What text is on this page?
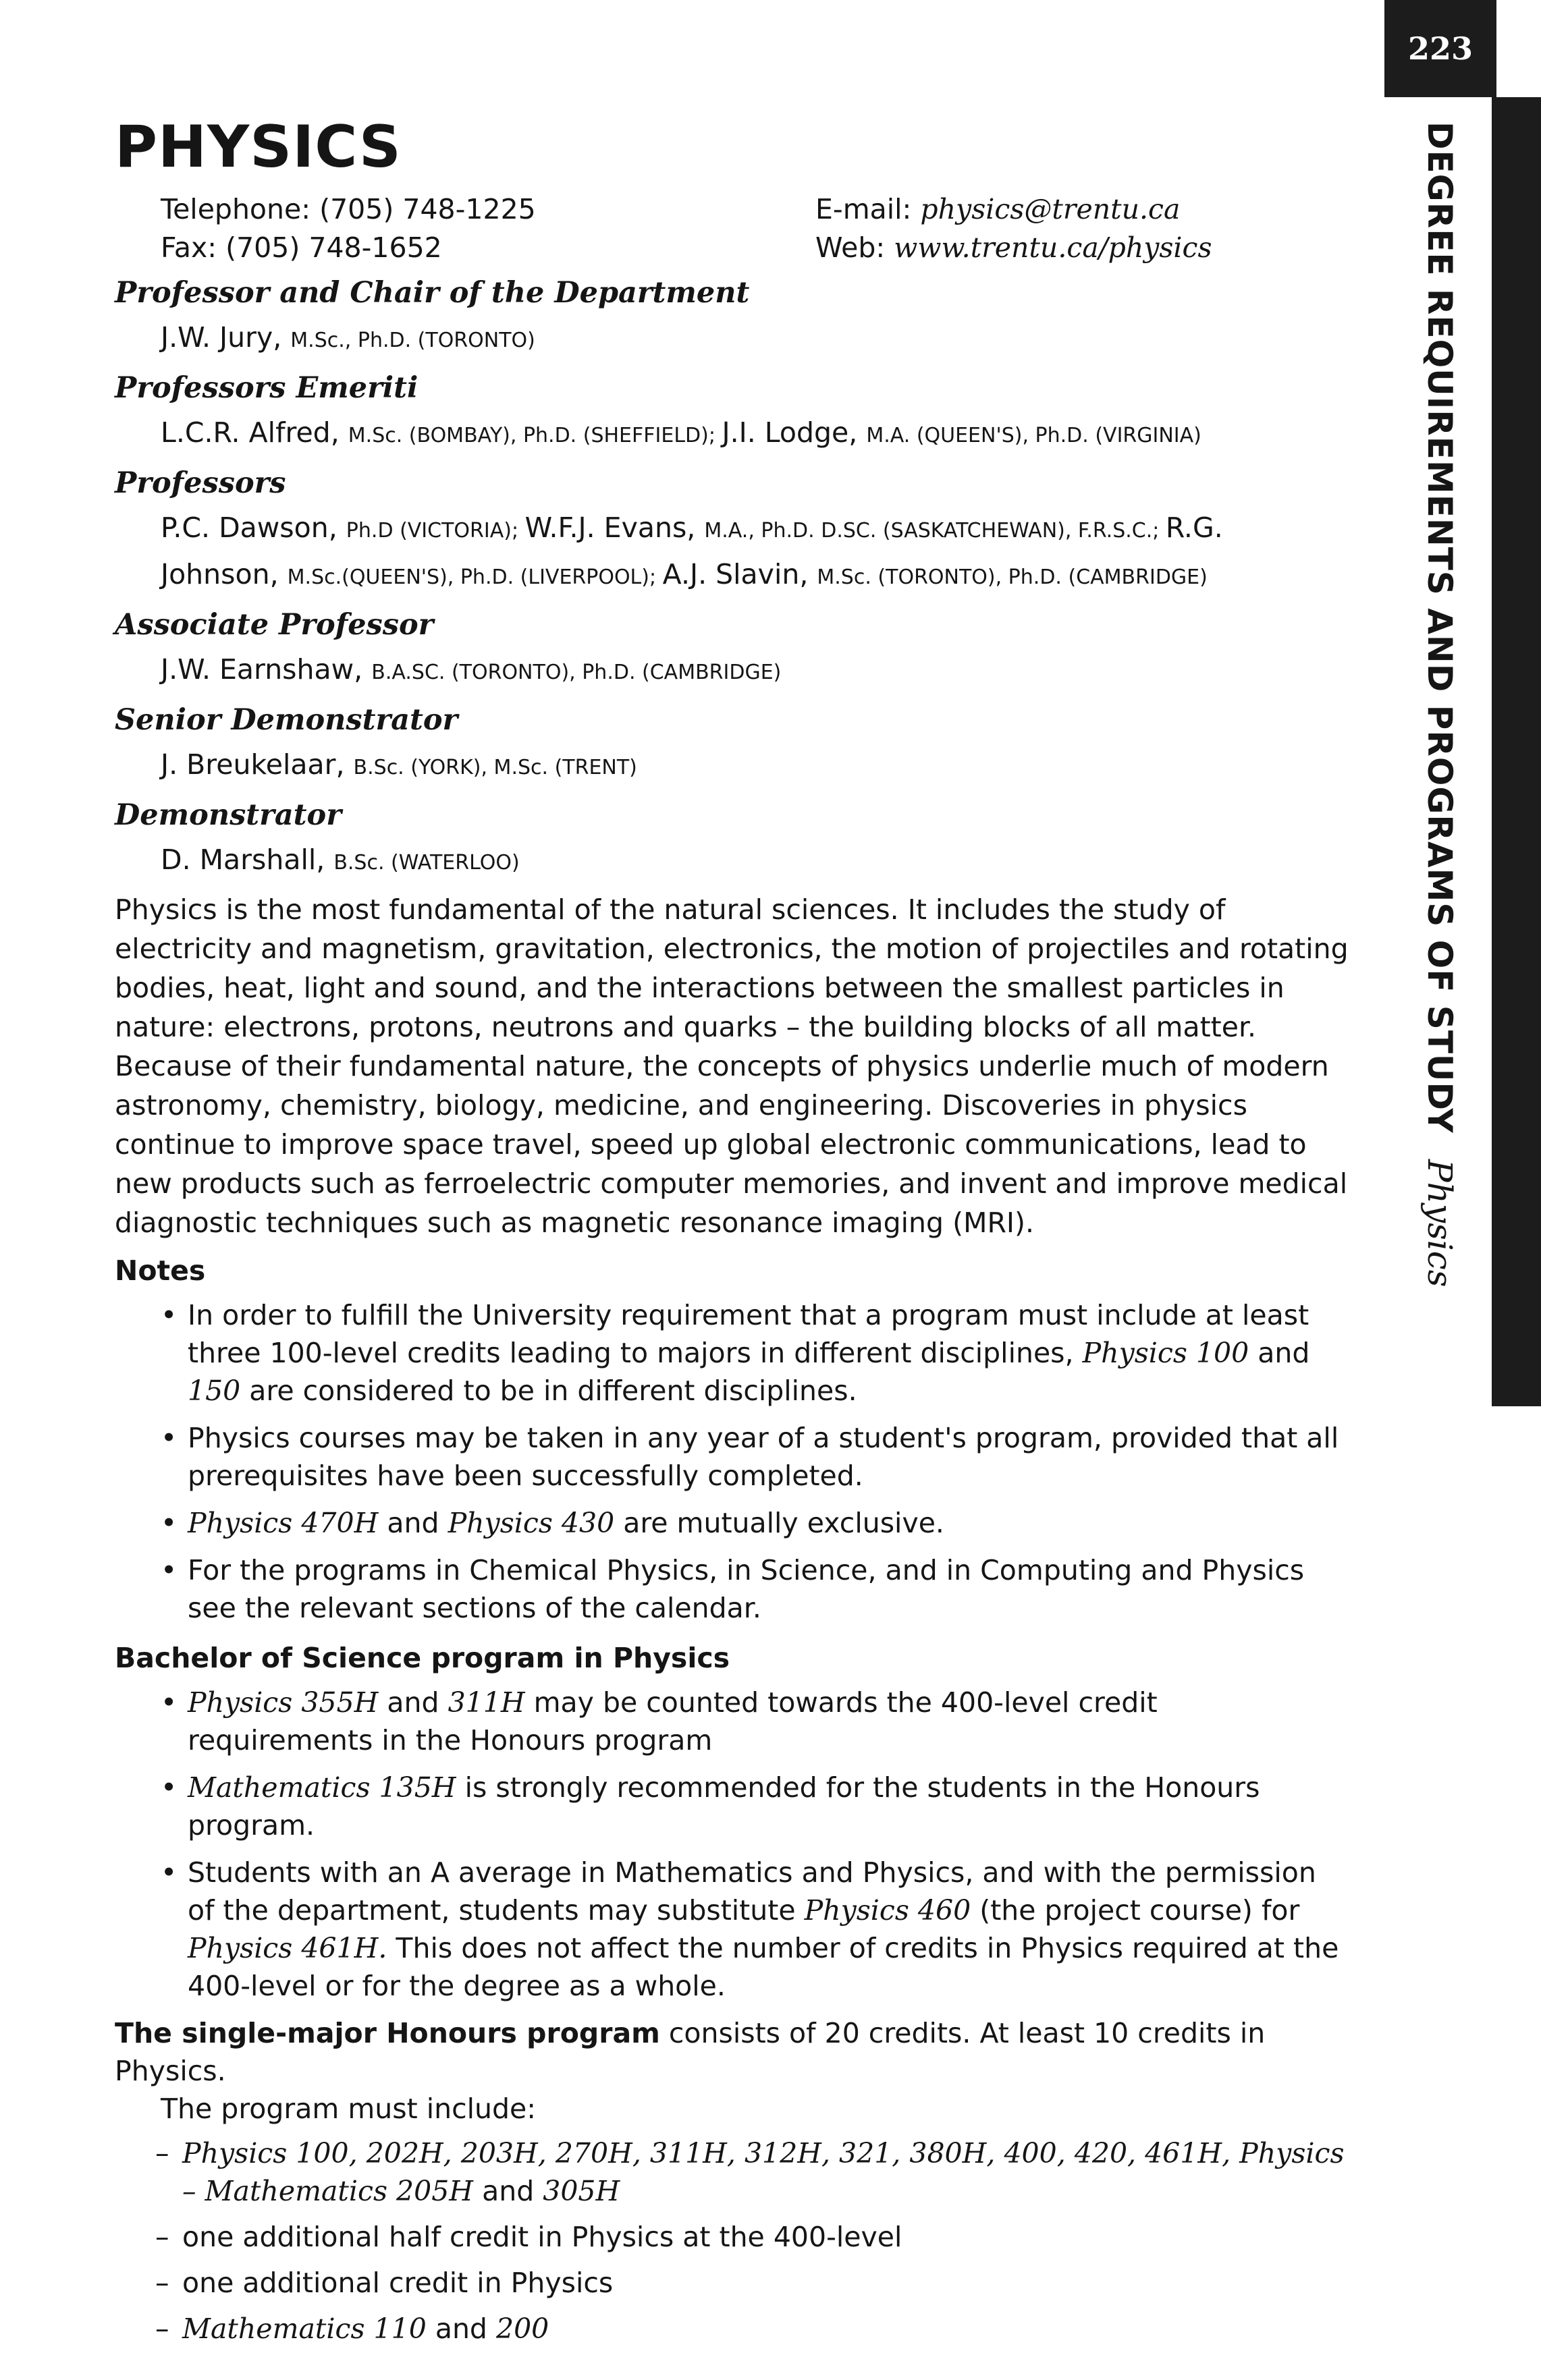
223
DEGREE REQUIREMENTS AND PROGRAMS OF STUDY
Physics
PHYSICS
Telephone: (705) 748-1225	E-mail: physics@trentu.ca
Fax: (705) 748-1652	Web: www.trentu.ca/physics
Professor and Chair of the Department
J.W. Jury, M.Sc., Ph.D. (TORONTO)
Professors Emeriti
L.C.R. Alfred, M.Sc. (BOMBAY), Ph.D. (SHEFFIELD); J.I. Lodge, M.A. (QUEEN'S), Ph.D. (VIRGINIA)
Professors
P.C. Dawson, Ph.D (VICTORIA); W.F.J. Evans, M.A., Ph.D. D.SC. (SASKATCHEWAN), F.R.S.C.; R.G.
Johnson, M.Sc.(QUEEN'S), Ph.D. (LIVERPOOL); A.J. Slavin, M.Sc. (TORONTO), Ph.D. (CAMBRIDGE)
Associate Professor
J.W. Earnshaw, B.A.SC. (TORONTO), Ph.D. (CAMBRIDGE)
Senior Demonstrator
J. Breukelaar, B.Sc. (YORK), M.Sc. (TRENT)
Demonstrator
D. Marshall, B.Sc. (WATERLOO)

Physics is the most fundamental of the natural sciences. It includes the study of electricity and magnetism, gravitation, electronics, the motion of projectiles and rotating bodies, heat, light and sound, and the interactions between the smallest particles in nature: electrons, protons, neutrons and quarks – the building blocks of all matter. Because of their fundamental nature, the concepts of physics underlie much of modern astronomy, chemistry, biology, medicine, and engineering. Discoveries in physics continue to improve space travel, speed up global electronic communications, lead to new products such as ferroelectric computer memories, and invent and improve medical diagnostic techniques such as magnetic resonance imaging (MRI).

Notes
• In order to fulfill the University requirement that a program must include at least three 100-level credits leading to majors in different disciplines, Physics 100 and 150 are considered to be in different disciplines.
• Physics courses may be taken in any year of a student's program, provided that all prerequisites have been successfully completed.
• Physics 470H and Physics 430 are mutually exclusive.
• For the programs in Chemical Physics, in Science, and in Computing and Physics see the relevant sections of the calendar.
Bachelor of Science program in Physics
• Physics 355H and 311H may be counted towards the 400-level credit requirements in the Honours program
• Mathematics 135H is strongly recommended for the students in the Honours program.
• Students with an A average in Mathematics and Physics, and with the permission of the department, students may substitute Physics 460 (the project course) for Physics 461H. This does not affect the number of credits in Physics required at the 400-level or for the degree as a whole.
The single-major Honours program consists of 20 credits. At least 10 credits in Physics.
The program must include:
– Physics 100, 202H, 203H, 270H, 311H, 312H, 321, 380H, 400, 420, 461H, Physics – Mathematics 205H and 305H
– one additional half credit in Physics at the 400-level
– one additional credit in Physics
– Mathematics 110 and 200
